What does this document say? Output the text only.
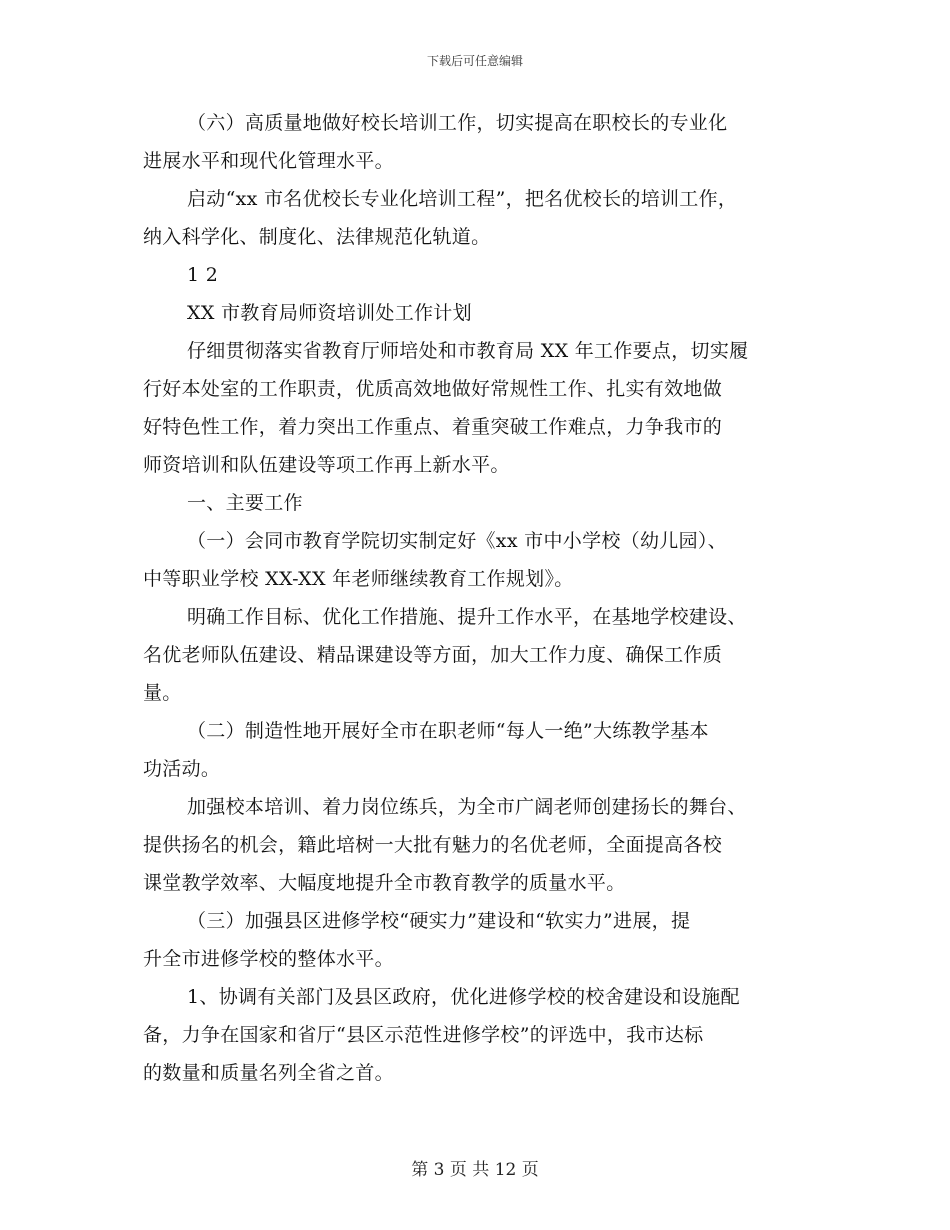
下载后可任意编辑
（六）高质量地做好校长培训工作，切实提高在职校长的专业化
进展水平和现代化管理水平。
启动“xx 市名优校长专业化培训工程”，把名优校长的培训工作，
纳入科学化、制度化、法律规范化轨道。
1 2
XX 市教育局师资培训处工作计划
仔细贯彻落实省教育厅师培处和市教育局 XX 年工作要点，切实履
行好本处室的工作职责，优质高效地做好常规性工作、扎实有效地做
好特色性工作，着力突出工作重点、着重突破工作难点，力争我市的
师资培训和队伍建设等项工作再上新水平。
一、主要工作
（一）会同市教育学院切实制定好《xx 市中小学校（幼儿园）、
中等职业学校 XX-XX 年老师继续教育工作规划》。
明确工作目标、优化工作措施、提升工作水平，在基地学校建设、
名优老师队伍建设、精品课建设等方面，加大工作力度、确保工作质
量。
（二）制造性地开展好全市在职老师“每人一绝”大练教学基本
功活动。
加强校本培训、着力岗位练兵，为全市广阔老师创建扬长的舞台、
提供扬名的机会，籍此培树一大批有魅力的名优老师，全面提高各校
课堂教学效率、大幅度地提升全市教育教学的质量水平。
（三）加强县区进修学校“硬实力”建设和“软实力”进展，提
升全市进修学校的整体水平。
1、协调有关部门及县区政府，优化进修学校的校舍建设和设施配
备，力争在国家和省厅“县区示范性进修学校”的评选中，我市达标
的数量和质量名列全省之首。
第 3 页 共 12 页
